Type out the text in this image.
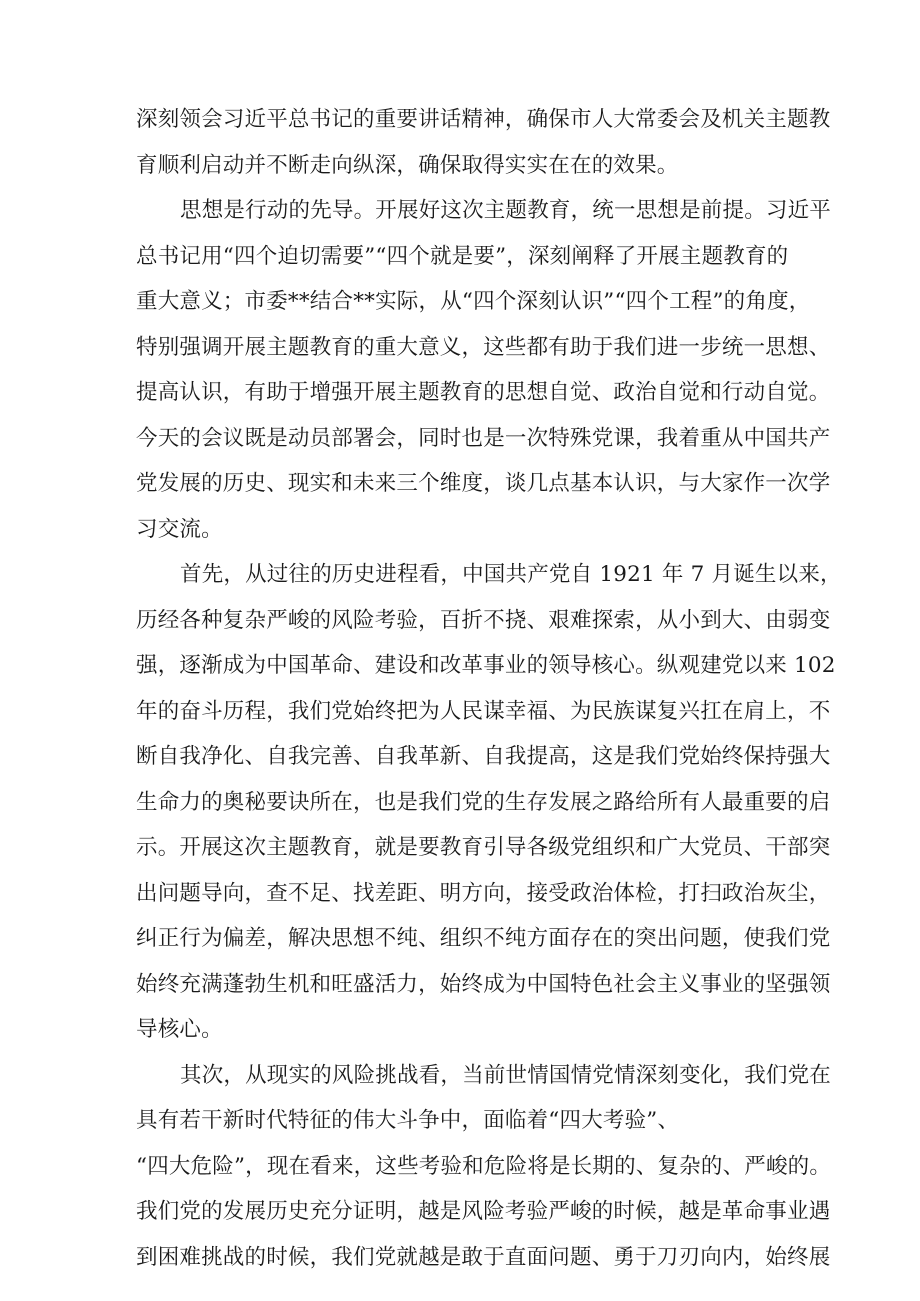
深刻领会习近平总书记的重要讲话精神，确保市人大常委会及机关主题教
育顺利启动并不断走向纵深，确保取得实实在在的效果。
思想是行动的先导。开展好这次主题教育，统一思想是前提。习近平
总书记用“四个迫切需要”“四个就是要”，深刻阐释了开展主题教育的
重大意义；市委**结合**实际，从“四个深刻认识”“四个工程”的角度，
特别强调开展主题教育的重大意义，这些都有助于我们进一步统一思想、
提高认识，有助于增强开展主题教育的思想自觉、政治自觉和行动自觉。
今天的会议既是动员部署会，同时也是一次特殊党课，我着重从中国共产
党发展的历史、现实和未来三个维度，谈几点基本认识，与大家作一次学
习交流。
首先，从过往的历史进程看，中国共产党自 1921 年 7 月诞生以来，
历经各种复杂严峻的风险考验，百折不挠、艰难探索，从小到大、由弱变
强，逐渐成为中国革命、建设和改革事业的领导核心。纵观建党以来 102
年的奋斗历程，我们党始终把为人民谋幸福、为民族谋复兴扛在肩上，不
断自我净化、自我完善、自我革新、自我提高，这是我们党始终保持强大
生命力的奥秘要诀所在，也是我们党的生存发展之路给所有人最重要的启
示。开展这次主题教育，就是要教育引导各级党组织和广大党员、干部突
出问题导向，查不足、找差距、明方向，接受政治体检，打扫政治灰尘，
纠正行为偏差，解决思想不纯、组织不纯方面存在的突出问题，使我们党
始终充满蓬勃生机和旺盛活力，始终成为中国特色社会主义事业的坚强领
导核心。
其次，从现实的风险挑战看，当前世情国情党情深刻变化，我们党在
具有若干新时代特征的伟大斗争中，面临着“四大考验”、
“四大危险”，现在看来，这些考验和危险将是长期的、复杂的、严峻的。
我们党的发展历史充分证明，越是风险考验严峻的时候，越是革命事业遇
到困难挑战的时候，我们党就越是敢于直面问题、勇于刀刃向内，始终展
